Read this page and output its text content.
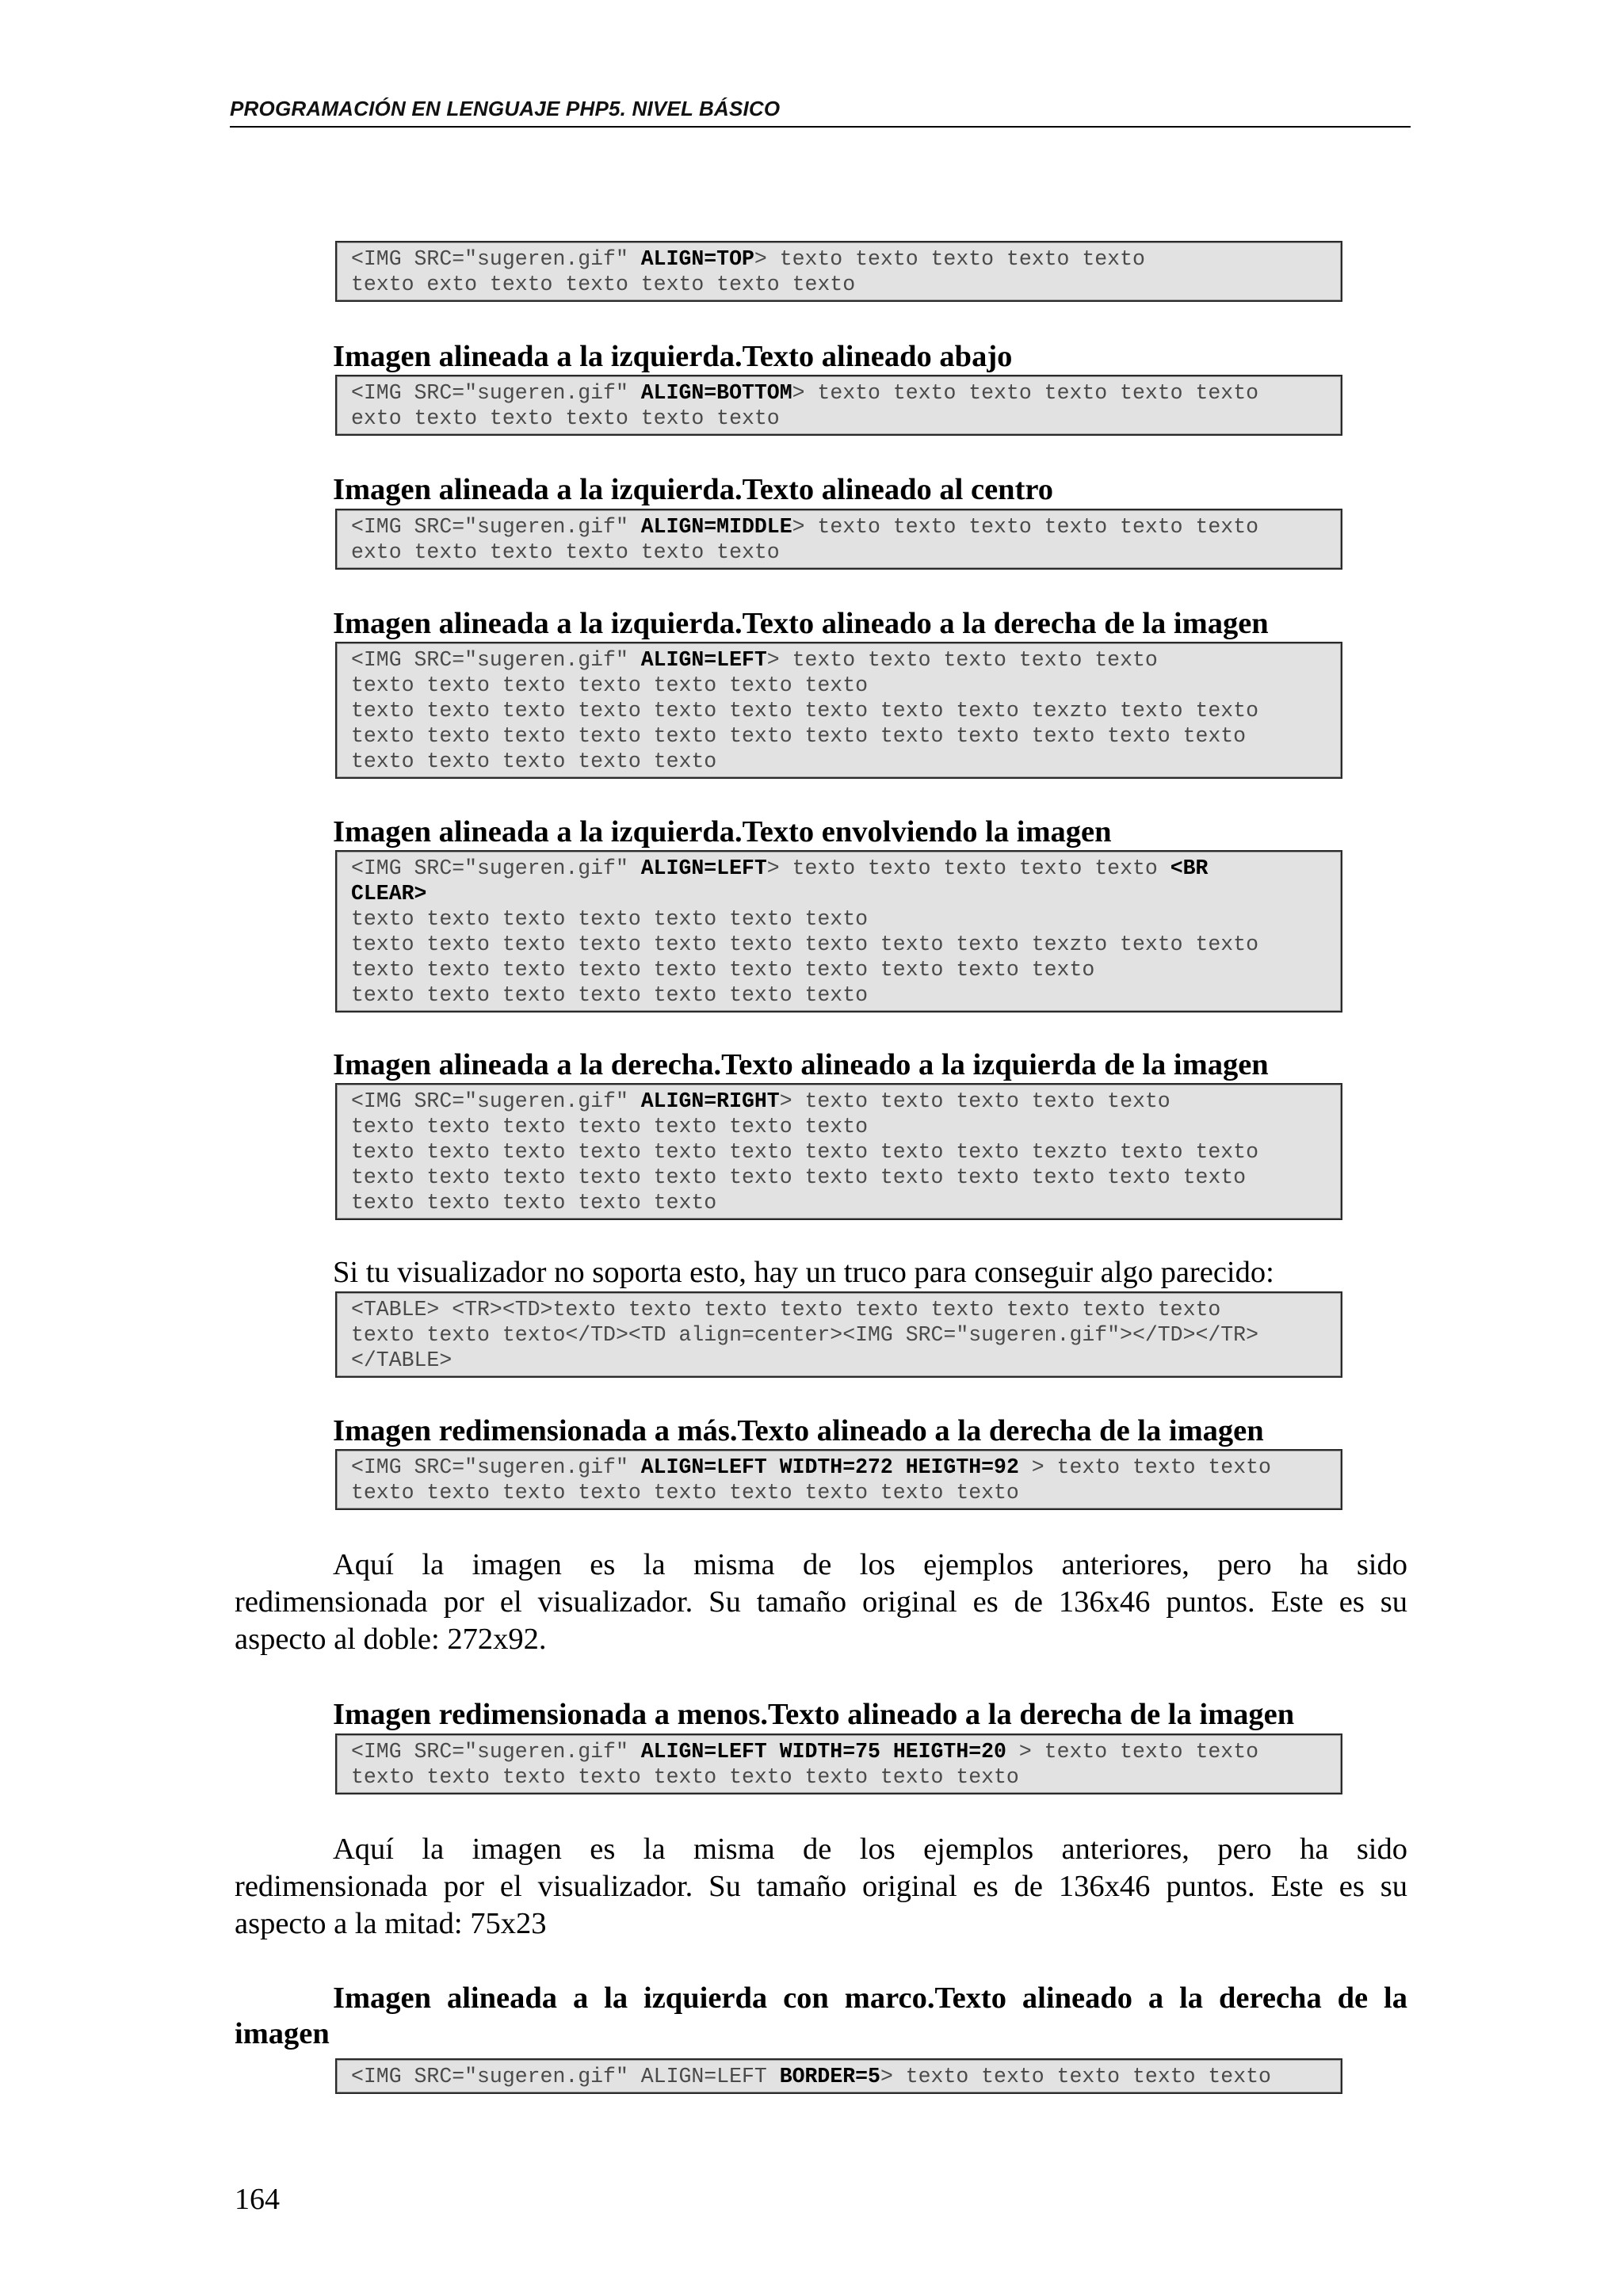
PROGRAMACIÓN EN LENGUAJE PHP5. NIVEL BÁSICO
<IMG SRC="sugeren.gif" ALIGN=TOP> texto texto texto texto texto
texto exto texto texto texto texto texto
Imagen alineada a la izquierda.Texto alineado abajo
<IMG SRC="sugeren.gif" ALIGN=BOTTOM> texto texto texto texto texto texto
exto texto texto texto texto texto
Imagen alineada a la izquierda.Texto alineado al centro
<IMG SRC="sugeren.gif" ALIGN=MIDDLE> texto texto texto texto texto texto
exto texto texto texto texto texto
Imagen alineada a la izquierda.Texto alineado a la derecha de la imagen
<IMG SRC="sugeren.gif" ALIGN=LEFT> texto texto texto texto texto
texto texto texto texto texto texto texto
texto texto texto texto texto texto texto texto texto texzto texto texto
texto texto texto texto texto texto texto texto texto texto texto texto
texto texto texto texto texto
Imagen alineada a la izquierda.Texto envolviendo la imagen
<IMG SRC="sugeren.gif" ALIGN=LEFT> texto texto texto texto texto <BR
CLEAR>
texto texto texto texto texto texto texto
texto texto texto texto texto texto texto texto texto texzto texto texto
texto texto texto texto texto texto texto texto texto texto
texto texto texto texto texto texto texto
Imagen alineada a la derecha.Texto alineado a la izquierda de la imagen
<IMG SRC="sugeren.gif" ALIGN=RIGHT> texto texto texto texto texto
texto texto texto texto texto texto texto
texto texto texto texto texto texto texto texto texto texzto texto texto
texto texto texto texto texto texto texto texto texto texto texto texto
texto texto texto texto texto
Si tu visualizador no soporta esto, hay un truco para conseguir algo parecido:
<TABLE> <TR><TD>texto texto texto texto texto texto texto texto texto
texto texto texto</TD><TD align=center><IMG SRC="sugeren.gif"></TD></TR>
</TABLE>
Imagen redimensionada a más.Texto alineado a la derecha de la imagen
<IMG SRC="sugeren.gif" ALIGN=LEFT WIDTH=272 HEIGTH=92 > texto texto texto
texto texto texto texto texto texto texto texto texto
Aquí la imagen es la misma de los ejemplos anteriores, pero ha sido
redimensionada por el visualizador. Su tamaño original es de 136x46 puntos. Este es su
aspecto al doble: 272x92.
Imagen redimensionada a menos.Texto alineado a la derecha de la imagen
<IMG SRC="sugeren.gif" ALIGN=LEFT WIDTH=75 HEIGTH=20 > texto texto texto
texto texto texto texto texto texto texto texto texto
Aquí la imagen es la misma de los ejemplos anteriores, pero ha sido
redimensionada por el visualizador. Su tamaño original es de 136x46 puntos. Este es su
aspecto a la mitad: 75x23
Imagen alineada a la izquierda con marco.Texto alineado a la derecha de la
imagen
<IMG SRC="sugeren.gif" ALIGN=LEFT BORDER=5> texto texto texto texto texto
164
